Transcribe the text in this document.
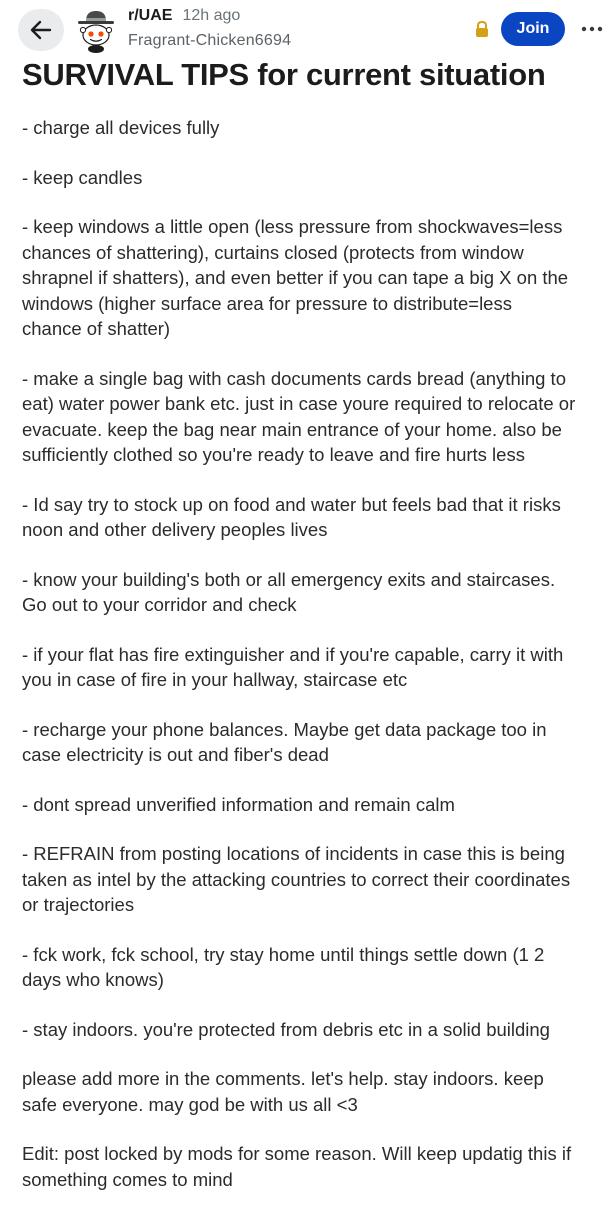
r/UAE 12h ago
Fragrant-Chicken6694
Join
SURVIVAL TIPS for current situation

- charge all devices fully

- keep candles

- keep windows a little open (less pressure from shockwaves=less
chances of shattering), curtains closed (protects from window
shrapnel if shatters), and even better if you can tape a big X on the
windows (higher surface area for pressure to distribute=less
chance of shatter)

- make a single bag with cash documents cards bread (anything to
eat) water power bank etc. just in case youre required to relocate or
evacuate. keep the bag near main entrance of your home. also be
sufficiently clothed so you're ready to leave and fire hurts less

- Id say try to stock up on food and water but feels bad that it risks
noon and other delivery peoples lives

- know your building's both or all emergency exits and staircases.
Go out to your corridor and check

- if your flat has fire extinguisher and if you're capable, carry it with
you in case of fire in your hallway, staircase etc

- recharge your phone balances. Maybe get data package too in
case electricity is out and fiber's dead

- dont spread unverified information and remain calm

- REFRAIN from posting locations of incidents in case this is being
taken as intel by the attacking countries to correct their coordinates
or trajectories

- fck work, fck school, try stay home until things settle down (1 2
days who knows)

- stay indoors. you're protected from debris etc in a solid building

please add more in the comments. let's help. stay indoors. keep
safe everyone. may god be with us all <3

Edit: post locked by mods for some reason. Will keep updatig this if
something comes to mind
